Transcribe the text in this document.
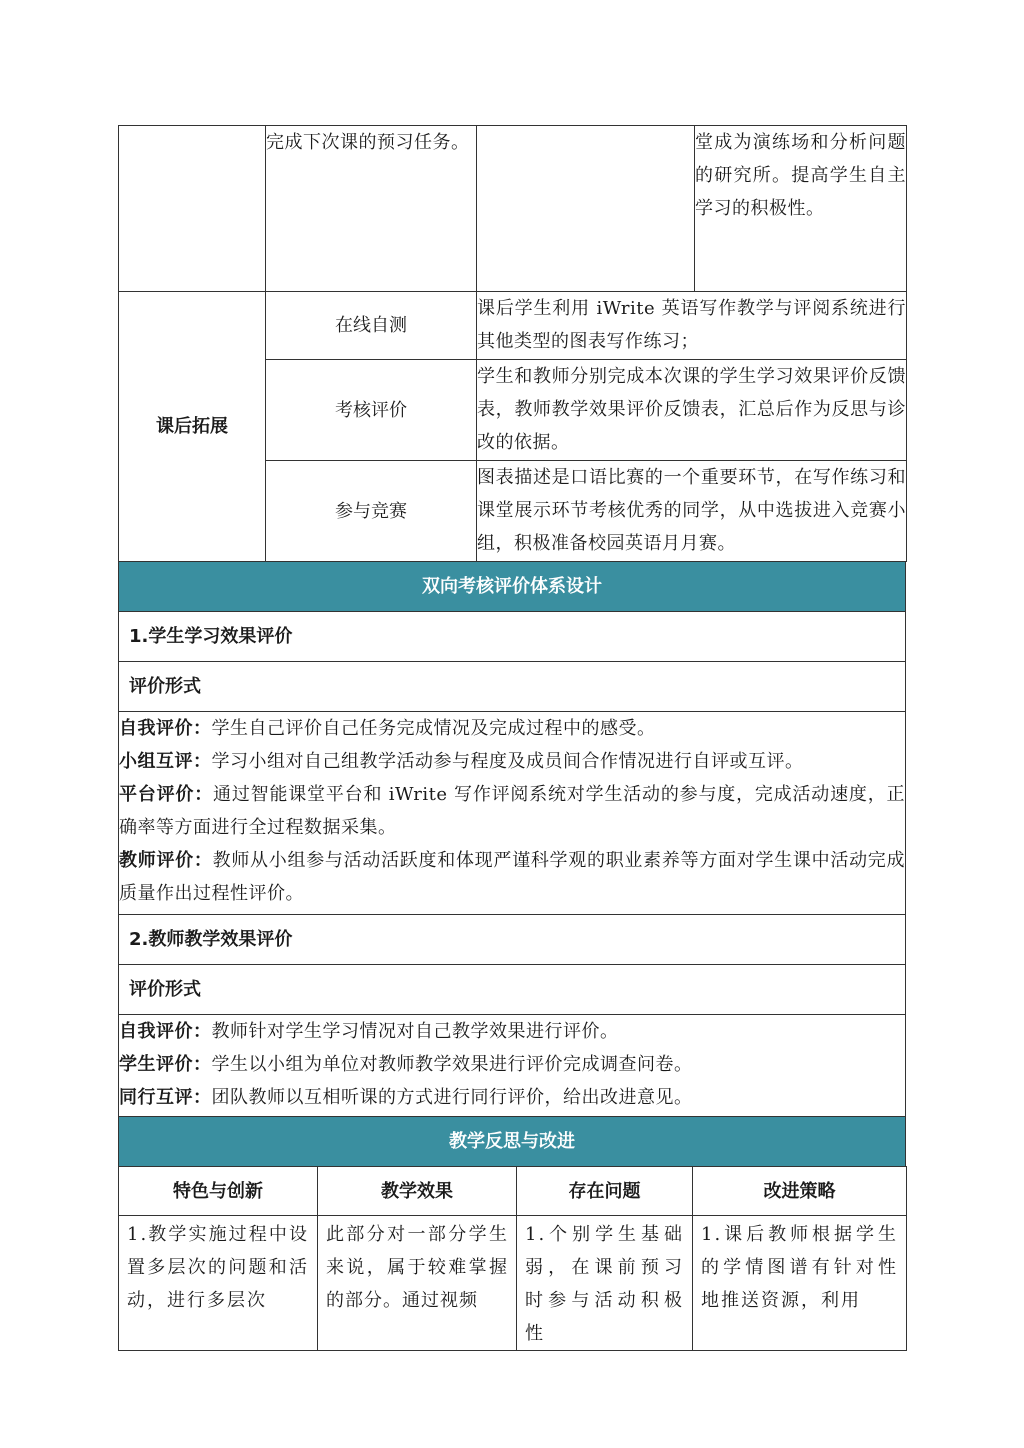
	完成下次课的预习任务。		堂成为演练场和分析问题的研究所。提高学生自主学习的积极性。
课后拓展	在线自测	课后学生利用 iWrite 英语写作教学与评阅系统进行其他类型的图表写作练习；	
	考核评价	学生和教师分别完成本次课的学生学习效果评价反馈表，教师教学效果评价反馈表，汇总后作为反思与诊改的依据。	
	参与竞赛	图表描述是口语比赛的一个重要环节，在写作练习和课堂展示环节考核优秀的同学，从中选拔进入竞赛小组，积极准备校园英语月月赛。	
双向考核评价体系设计
1.学生学习效果评价
评价形式

自我评价：学生自己评价自己任务完成情况及完成过程中的感受。

小组互评：学习小组对自己组教学活动参与程度及成员间合作情况进行自评或互评。

平台评价：通过智能课堂平台和 iWrite 写作评阅系统对学生活动的参与度，完成活动速度，正确率等方面进行全过程数据采集。

教师评价：教师从小组参与活动活跃度和体现严谨科学观的职业素养等方面对学生课中活动完成质量作出过程性评价。

2.教师教学效果评价
评价形式

自我评价：教师针对学生学习情况对自己教学效果进行评价。

学生评价：学生以小组为单位对教师教学效果进行评价完成调查问卷。

同行互评：团队教师以互相听课的方式进行同行评价，给出改进意见。

教学反思与改进
特色与创新	教学效果	存在问题	改进策略
1.教学实施过程中设置多层次的问题和活动，进行多层次	此部分对一部分学生来说，属于较难掌握的部分。通过视频	1.个别学生基础弱，在课前预习时参与活动积极性	1.课后教师根据学生的学情图谱有针对性地推送资源，利用
